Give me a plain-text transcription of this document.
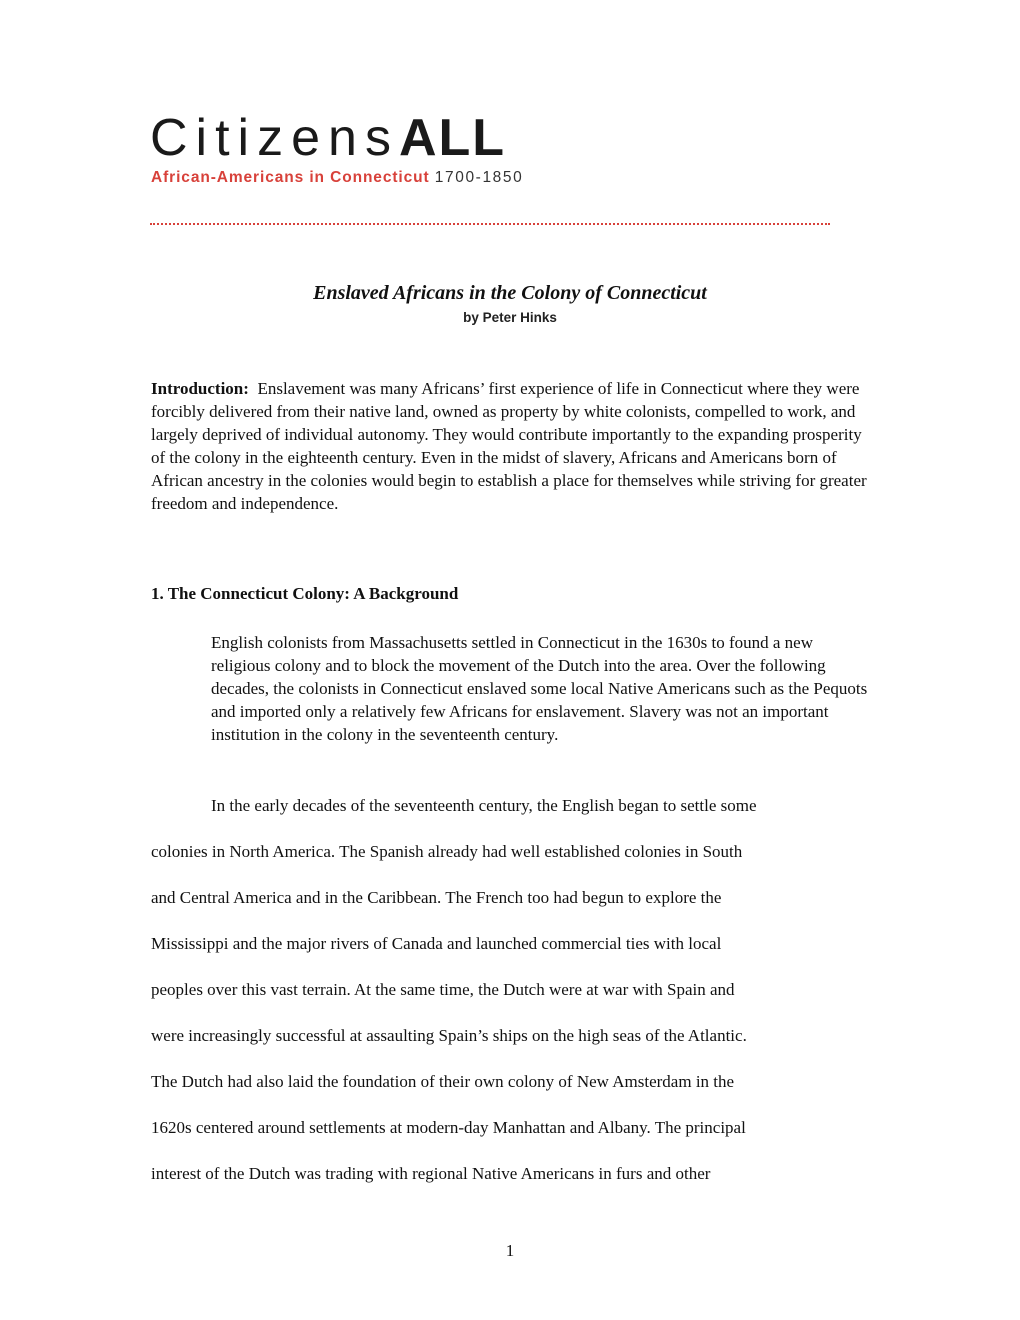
CitizensALL
African-Americans in Connecticut 1700-1850
Enslaved Africans in the Colony of Connecticut
by Peter Hinks

Introduction: Enslavement was many Africans’ first experience of life in Connecticut where they were forcibly delivered from their native land, owned as property by white colonists, compelled to work, and largely deprived of individual autonomy. They would contribute importantly to the expanding prosperity of the colony in the eighteenth century. Even in the midst of slavery, Africans and Americans born of African ancestry in the colonies would begin to establish a place for themselves while striving for greater freedom and independence.

1. The Connecticut Colony: A Background

English colonists from Massachusetts settled in Connecticut in the 1630s to found a new religious colony and to block the movement of the Dutch into the area. Over the following decades, the colonists in Connecticut enslaved some local Native Americans such as the Pequots and imported only a relatively few Africans for enslavement. Slavery was not an important institution in the colony in the seventeenth century.

In the early decades of the seventeenth century, the English began to settle some
colonies in North America. The Spanish already had well established colonies in South
and Central America and in the Caribbean. The French too had begun to explore the
Mississippi and the major rivers of Canada and launched commercial ties with local
peoples over this vast terrain. At the same time, the Dutch were at war with Spain and
were increasingly successful at assaulting Spain’s ships on the high seas of the Atlantic.
The Dutch had also laid the foundation of their own colony of New Amsterdam in the
1620s centered around settlements at modern-day Manhattan and Albany. The principal
interest of the Dutch was trading with regional Native Americans in furs and other
1
